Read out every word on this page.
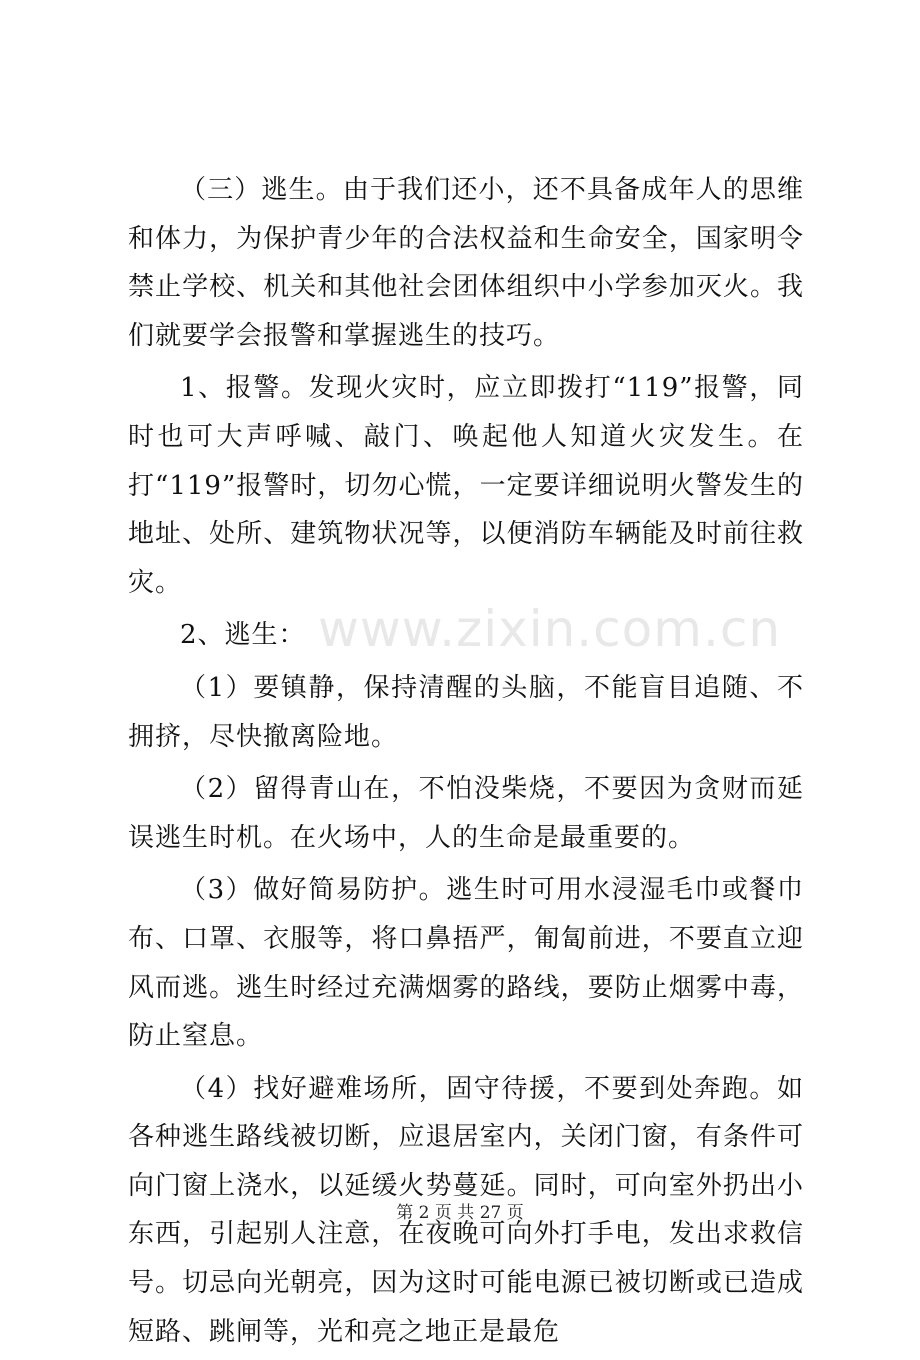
（三）逃生。由于我们还小，还不具备成年人的思维和体力，为保护青少年的合法权益和生命安全，国家明令禁止学校、机关和其他社会团体组织中小学参加灭火。我们就要学会报警和掌握逃生的技巧。

1、报警。发现火灾时，应立即拨打“119”报警，同时也可大声呼喊、敲门、唤起他人知道火灾发生。在打“119”报警时，切勿心慌，一定要详细说明火警发生的地址、处所、建筑物状况等，以便消防车辆能及时前往救灾。

2、逃生：

（1）要镇静，保持清醒的头脑，不能盲目追随、不拥挤，尽快撤离险地。

（2）留得青山在，不怕没柴烧，不要因为贪财而延误逃生时机。在火场中，人的生命是最重要的。

（3）做好简易防护。逃生时可用水浸湿毛巾或餐巾布、口罩、衣服等，将口鼻捂严，匍匐前进，不要直立迎风而逃。逃生时经过充满烟雾的路线，要防止烟雾中毒，防止窒息。

（4）找好避难场所，固守待援，不要到处奔跑。如各种逃生路线被切断，应退居室内，关闭门窗，有条件可向门窗上浇水，以延缓火势蔓延。同时，可向室外扔出小东西，引起别人注意，在夜晚可向外打手电，发出求救信号。切忌向光朝亮，因为这时可能电源已被切断或已造成短路、跳闸等，光和亮之地正是最危

www.zixin.com.cn
第 2 页 共 27 页
